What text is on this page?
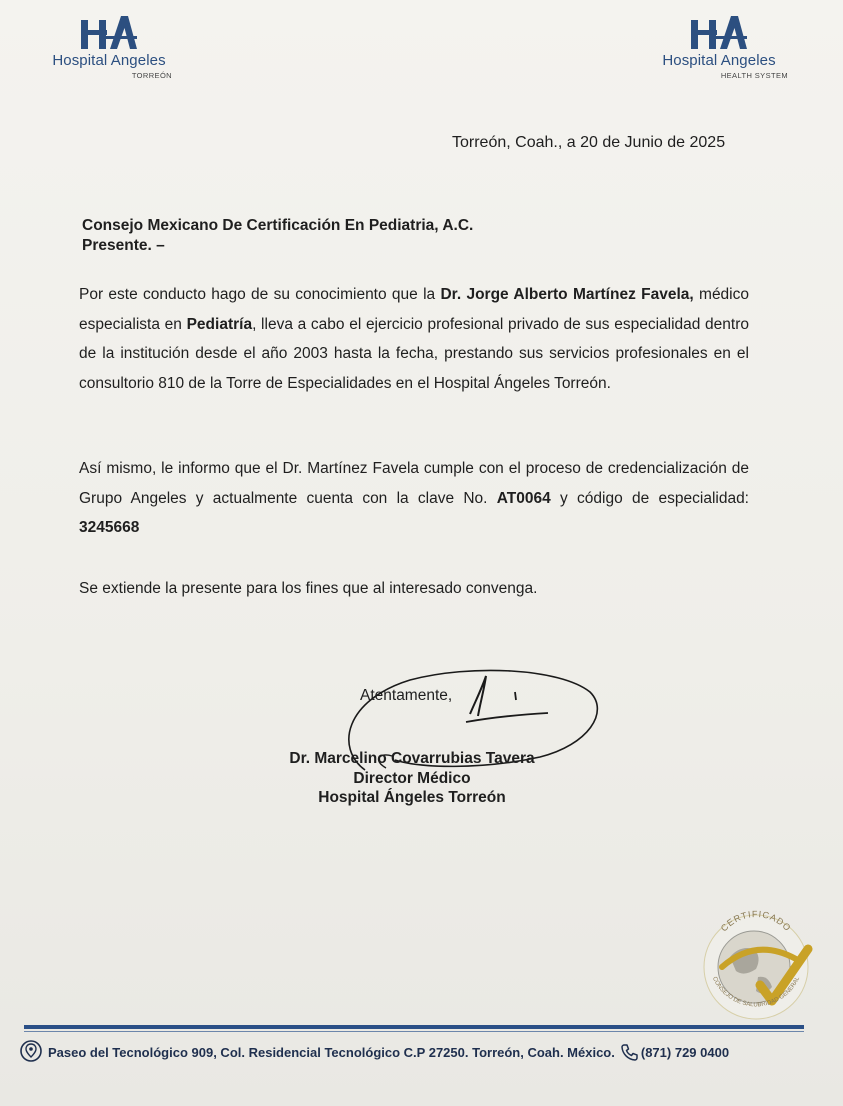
Hospital Angeles
TORREÓN
Hospital Angeles
HEALTH SYSTEM
Torreón, Coah., a 20 de Junio de 2025
Consejo Mexicano De Certificación En Pediatria, A.C.
Presente. –
Por este conducto hago de su conocimiento que la Dr. Jorge Alberto Martínez Favela, médico especialista en Pediatría, lleva a cabo el ejercicio profesional privado de sus especialidad dentro de la institución desde el año 2003 hasta la fecha, prestando sus servicios profesionales en el consultorio 810 de la Torre de Especialidades en el Hospital Ángeles Torreón.
Así mismo, le informo que el Dr. Martínez Favela cumple con el proceso de credencialización de Grupo Angeles y actualmente cuenta con la clave No. AT0064 y código de especialidad: 3245668
Se extiende la presente para los fines que al interesado convenga.
Atentamente,
Dr. Marcelino Covarrubias Tavera
Director Médico
Hospital Ángeles Torreón
CERTIFICADO
CONSEJO DE SALUBRIDAD GENERAL
Paseo del Tecnológico 909, Col. Residencial Tecnológico C.P 27250. Torreón, Coah. México. (871) 729 0400
